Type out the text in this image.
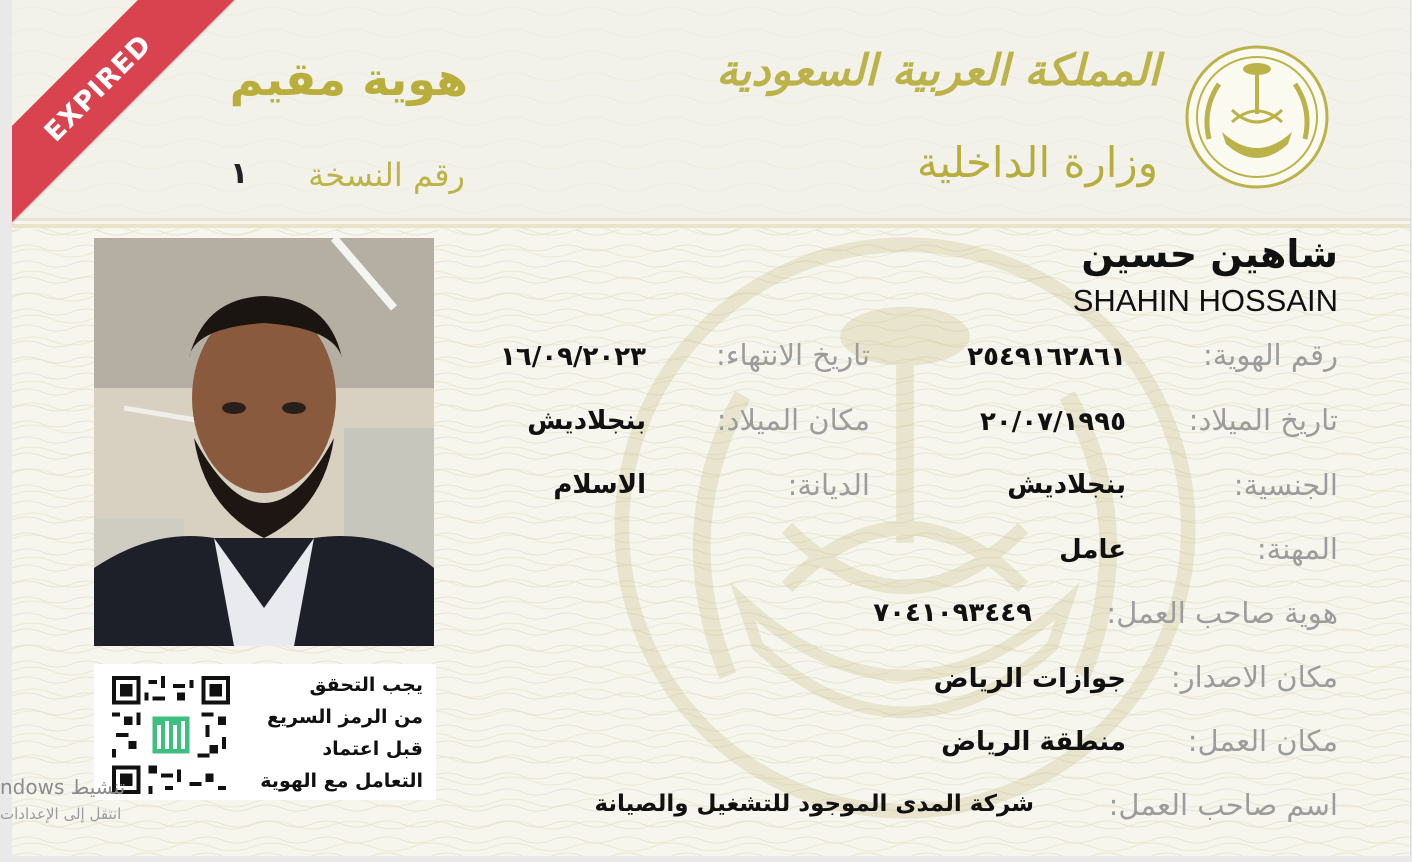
EXPIRED	هوية مقيم
رقم النسخة
١
المملكة العربية السعودية
وزارة الداخلية
يجب التحقق
من الرمز السريع
قبل اعتماد
التعامل مع الهوية
شاهين حسين
SHAHIN HOSSAIN
رقم الهوية:
٢٥٤٩١٦٢٨٦١
تاريخ الميلاد:
٢٠/٠٧/١٩٩٥
الجنسية:
بنجلاديش
المهنة:
عامل
هوية صاحب العمل:
٧٠٤١٠٩٣٤٤٩
مكان الاصدار:
جوازات الرياض
مكان العمل:
منطقة الرياض
اسم صاحب العمل:
شركة المدى الموجود للتشغيل والصيانة
تاريخ الانتهاء:
١٦/٠٩/٢٠٢٣
مكان الميلاد:
بنجلاديش
الديانة:
الاسلام
ndows تنشيط
انتقل إلى الإعدادات
